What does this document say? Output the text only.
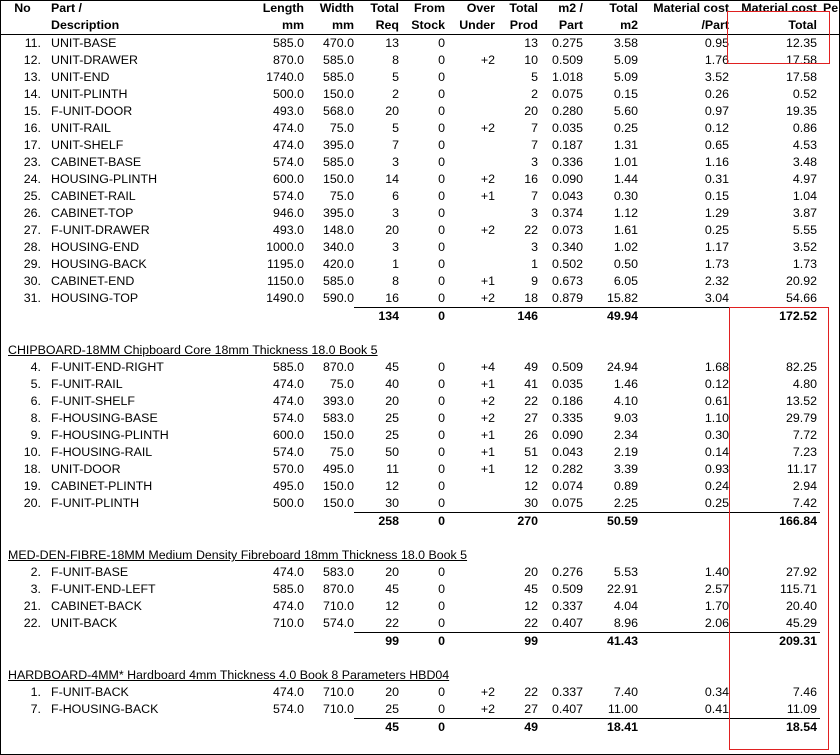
No	Part /	Length	Width	Total	From	Over	Total	m2 /	Total	Material cost	Material cost	Pe
	Description	mm	mm	Req	Stock	Under	Prod	Part	m2	/Part	Total	
11.	UNIT-BASE	585.0	470.0	13	0		13	0.275	3.58	0.95	12.35	
12.	UNIT-DRAWER	870.0	585.0	8	0	+2	10	0.509	5.09	1.76	17.58	
13.	UNIT-END	1740.0	585.0	5	0		5	1.018	5.09	3.52	17.58	
14.	UNIT-PLINTH	500.0	150.0	2	0		2	0.075	0.15	0.26	0.52	
15.	F-UNIT-DOOR	493.0	568.0	20	0		20	0.280	5.60	0.97	19.35	
16.	UNIT-RAIL	474.0	75.0	5	0	+2	7	0.035	0.25	0.12	0.86	
17.	UNIT-SHELF	474.0	395.0	7	0		7	0.187	1.31	0.65	4.53	
23.	CABINET-BASE	574.0	585.0	3	0		3	0.336	1.01	1.16	3.48	
24.	HOUSING-PLINTH	600.0	150.0	14	0	+2	16	0.090	1.44	0.31	4.97	
25.	CABINET-RAIL	574.0	75.0	6	0	+1	7	0.043	0.30	0.15	1.04	
26.	CABINET-TOP	946.0	395.0	3	0		3	0.374	1.12	1.29	3.87	
27.	F-UNIT-DRAWER	493.0	148.0	20	0	+2	22	0.073	1.61	0.25	5.55	
28.	HOUSING-END	1000.0	340.0	3	0		3	0.340	1.02	1.17	3.52	
29.	HOUSING-BACK	1195.0	420.0	1	0		1	0.502	0.50	1.73	1.73	
30.	CABINET-END	1150.0	585.0	8	0	+1	9	0.673	6.05	2.32	20.92	
31.	HOUSING-TOP	1490.0	590.0	16	0	+2	18	0.879	15.82	3.04	54.66	
				134	0		146		49.94		172.52	

CHIPBOARD-18MM Chipboard Core 18mm Thickness 18.0 Book 5												
4.	F-UNIT-END-RIGHT	585.0	870.0	45	0	+4	49	0.509	24.94	1.68	82.25	
5.	F-UNIT-RAIL	474.0	75.0	40	0	+1	41	0.035	1.46	0.12	4.80	
6.	F-UNIT-SHELF	474.0	393.0	20	0	+2	22	0.186	4.10	0.61	13.52	
8.	F-HOUSING-BASE	574.0	583.0	25	0	+2	27	0.335	9.03	1.10	29.79	
9.	F-HOUSING-PLINTH	600.0	150.0	25	0	+1	26	0.090	2.34	0.30	7.72	
10.	F-HOUSING-RAIL	574.0	75.0	50	0	+1	51	0.043	2.19	0.14	7.23	
18.	UNIT-DOOR	570.0	495.0	11	0	+1	12	0.282	3.39	0.93	11.17	
19.	CABINET-PLINTH	495.0	150.0	12	0		12	0.074	0.89	0.24	2.94	
20.	F-UNIT-PLINTH	500.0	150.0	30	0		30	0.075	2.25	0.25	7.42	
				258	0		270		50.59		166.84	

MED-DEN-FIBRE-18MM Medium Density Fibreboard 18mm Thickness 18.0 Book 5												
2.	F-UNIT-BASE	474.0	583.0	20	0		20	0.276	5.53	1.40	27.92	
3.	F-UNIT-END-LEFT	585.0	870.0	45	0		45	0.509	22.91	2.57	115.71	
21.	CABINET-BACK	474.0	710.0	12	0		12	0.337	4.04	1.70	20.40	
22.	UNIT-BACK	710.0	574.0	22	0		22	0.407	8.96	2.06	45.29	
				99	0		99		41.43		209.31	

HARDBOARD-4MM* Hardboard 4mm Thickness 4.0 Book 8 Parameters HBD04												
1.	F-UNIT-BACK	474.0	710.0	20	0	+2	22	0.337	7.40	0.34	7.46	
7.	F-HOUSING-BACK	574.0	710.0	25	0	+2	27	0.407	11.00	0.41	11.09	
				45	0		49		18.41		18.54	
